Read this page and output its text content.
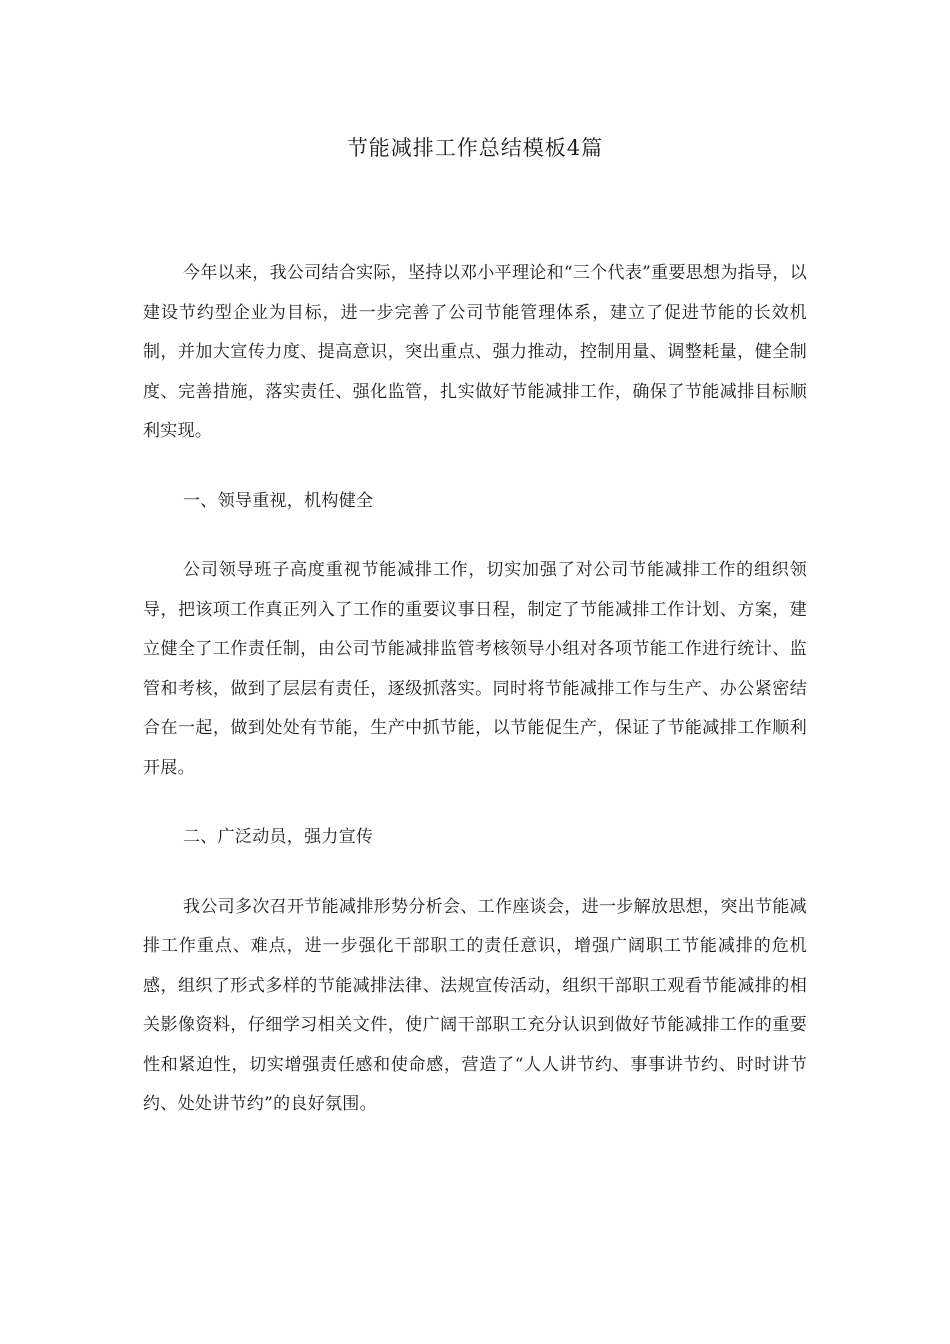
节能减排工作总结模板4篇

今年以来，我公司结合实际，坚持以邓小平理论和“三个代表”重要思想为指导，以建设节约型企业为目标，进一步完善了公司节能管理体系，建立了促进节能的长效机制，并加大宣传力度、提高意识，突出重点、强力推动，控制用量、调整耗量，健全制度、完善措施，落实责任、强化监管，扎实做好节能减排工作，确保了节能减排目标顺利实现。

一、领导重视，机构健全

公司领导班子高度重视节能减排工作，切实加强了对公司节能减排工作的组织领导，把该项工作真正列入了工作的重要议事日程，制定了节能减排工作计划、方案，建立健全了工作责任制，由公司节能减排监管考核领导小组对各项节能工作进行统计、监管和考核，做到了层层有责任，逐级抓落实。同时将节能减排工作与生产、办公紧密结合在一起，做到处处有节能，生产中抓节能，以节能促生产，保证了节能减排工作顺利开展。

二、广泛动员，强力宣传

我公司多次召开节能减排形势分析会、工作座谈会，进一步解放思想，突出节能减排工作重点、难点，进一步强化干部职工的责任意识，增强广阔职工节能减排的危机感，组织了形式多样的节能减排法律、法规宣传活动，组织干部职工观看节能减排的相关影像资料，仔细学习相关文件，使广阔干部职工充分认识到做好节能减排工作的重要性和紧迫性，切实增强责任感和使命感，营造了“人人讲节约、事事讲节约、时时讲节约、处处讲节约”的良好氛围。
